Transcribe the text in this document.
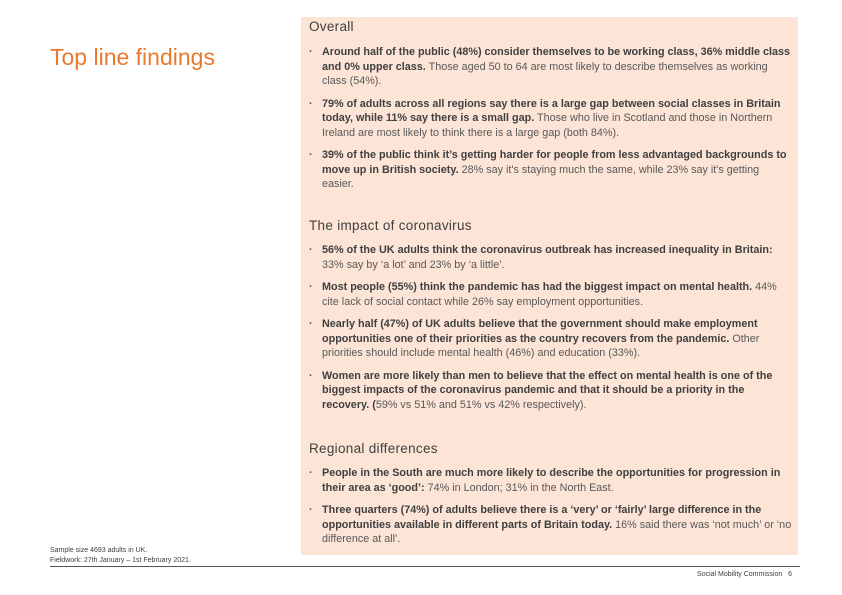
Top line findings
Overall
· Around half of the public (48%) consider themselves to be working class, 36% middle class and 0% upper class. Those aged 50 to 64 are most likely to describe themselves as working class (54%).
· 79% of adults across all regions say there is a large gap between social classes in Britain today, while 11% say there is a small gap. Those who live in Scotland and those in Northern Ireland are most likely to think there is a large gap (both 84%).
· 39% of the public think it’s getting harder for people from less advantaged backgrounds to move up in British society. 28% say it's staying much the same, while 23% say it's getting easier.
The impact of coronavirus
· 56% of the UK adults think the coronavirus outbreak has increased inequality in Britain: 33% say by ‘a lot’ and 23% by ‘a little’.
· Most people (55%) think the pandemic has had the biggest impact on mental health. 44% cite lack of social contact while 26% say employment opportunities.
· Nearly half (47%) of UK adults believe that the government should make employment opportunities one of their priorities as the country recovers from the pandemic. Other priorities should include mental health (46%) and education (33%).
· Women are more likely than men to believe that the effect on mental health is one of the biggest impacts of the coronavirus pandemic and that it should be a priority in the recovery. (59% vs 51% and 51% vs 42% respectively).
Regional differences
· People in the South are much more likely to describe the opportunities for progression in their area as ‘good’: 74% in London; 31% in the North East.
· Three quarters (74%) of adults believe there is a ‘very’ or ‘fairly’ large difference in the opportunities available in different parts of Britain today. 16% said there was ‘not much’ or ‘no difference at all’.
Sample size 4693 adults in UK.
Fieldwork: 27th January – 1st February 2021.
Social Mobility Commission 6
